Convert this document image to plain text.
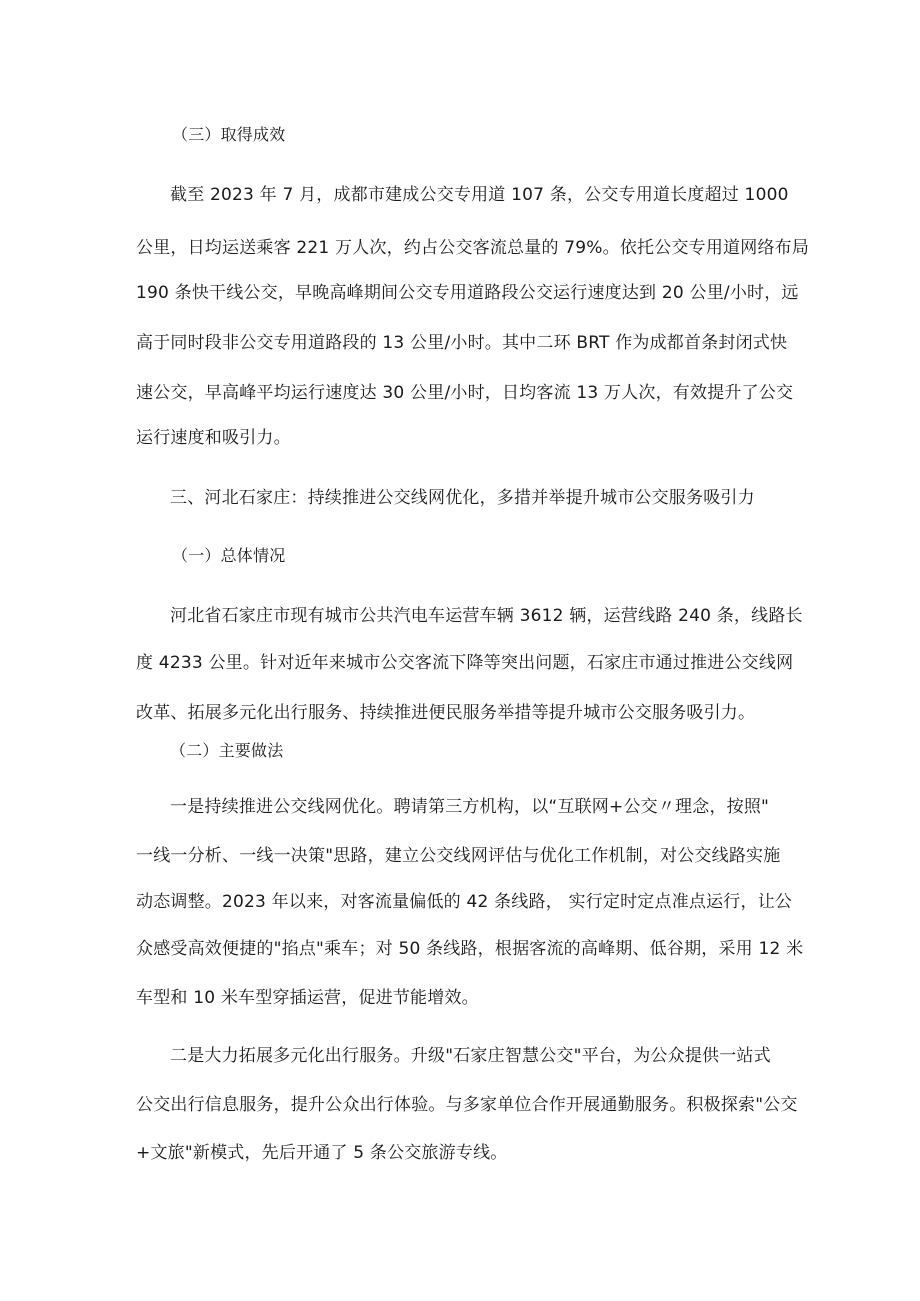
（三）取得成效
截至 2023 年 7 月，成都市建成公交专用道 107 条，公交专用道长度超过 1000
公里，日均运送乘客 221 万人次，约占公交客流总量的 79%。依托公交专用道网络布局
190 条快干线公交，早晚高峰期间公交专用道路段公交运行速度达到 20 公里/小时，远
高于同时段非公交专用道路段的 13 公里/小时。其中二环 BRT 作为成都首条封闭式快
速公交，早高峰平均运行速度达 30 公里/小时，日均客流 13 万人次，有效提升了公交
运行速度和吸引力。
三、河北石家庄：持续推进公交线网优化，多措并举提升城市公交服务吸引力
（一）总体情况
河北省石家庄市现有城市公共汽电车运营车辆 3612 辆，运营线路 240 条，线路长
度 4233 公里。针对近年来城市公交客流下降等突出问题，石家庄市通过推进公交线网
改革、拓展多元化出行服务、持续推进便民服务举措等提升城市公交服务吸引力。
（二）主要做法
一是持续推进公交线网优化。聘请第三方机构，以“互联网+公交〃理念，按照"
一线一分析、一线一决策"思路，建立公交线网评估与优化工作机制，对公交线路实施
动态调整。2023 年以来，对客流量偏低的 42 条线路， 实行定时定点准点运行，让公
众感受高效便捷的"掐点"乘车；对 50 条线路，根据客流的高峰期、低谷期，采用 12 米
车型和 10 米车型穿插运营，促进节能增效。
二是大力拓展多元化出行服务。升级"石家庄智慧公交"平台，为公众提供一站式
公交出行信息服务，提升公众出行体验。与多家单位合作开展通勤服务。积极探索"公交
+文旅"新模式，先后开通了 5 条公交旅游专线。
